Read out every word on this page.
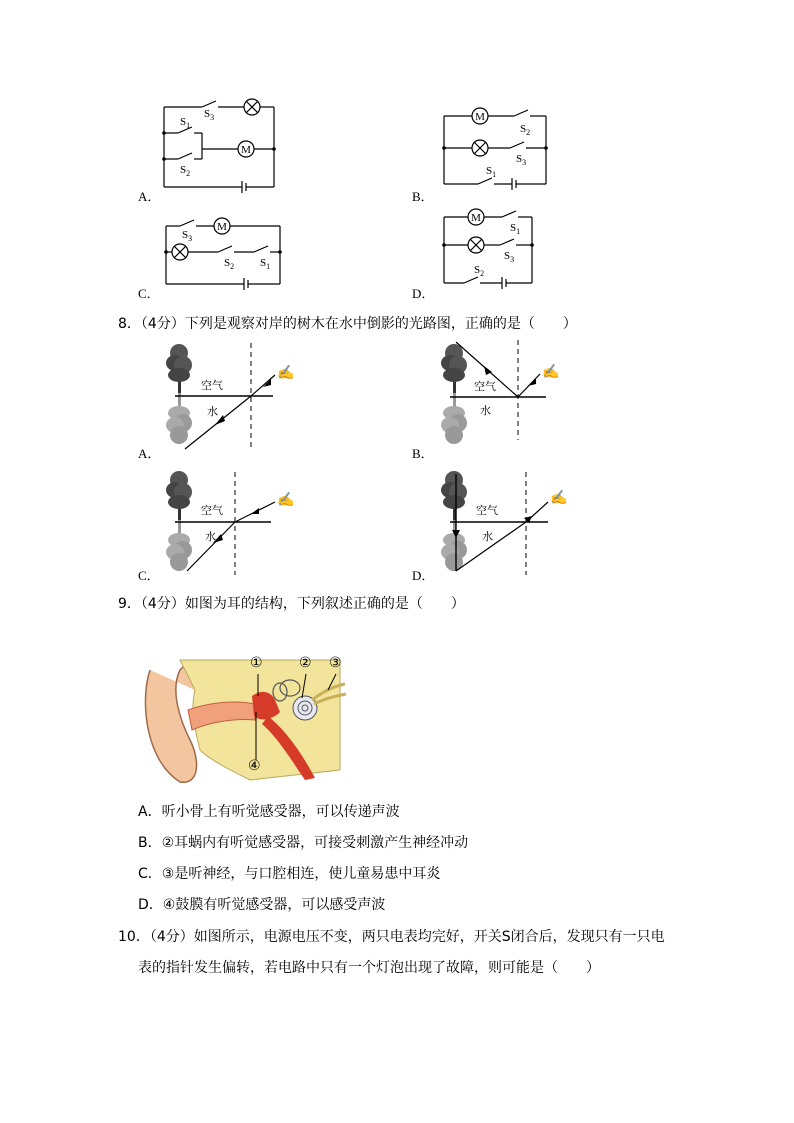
M
$S_3$
$S_1$
$S_2$
A．
M
$S_2$
$S_3$
$S_1$
B．
M
$S_3$
$S_2$ $S_1$
C．
M
$S_1$
$S_3$
$S_2$
D．
8．（4分）下列是观察对岸的树木在水中倒影的光路图，正确的是（　　）
✍
空气
水
A．
✍
空气
水
B．
✍
空气
水
C．
✍
空气
水
D．
9．（4分）如图为耳的结构，下列叙述正确的是（　　）
①	② ③
④
A．听小骨上有听觉感受器，可以传递声波
B．②耳蜗内有听觉感受器，可接受刺激产生神经冲动
C．③是听神经，与口腔相连，使儿童易患中耳炎
D．④鼓膜有听觉感受器，可以感受声波
10．（4分）如图所示，电源电压不变，两只电表均完好，开关S闭合后，发现只有一只电
表的指针发生偏转，若电路中只有一个灯泡出现了故障，则可能是（　　）
